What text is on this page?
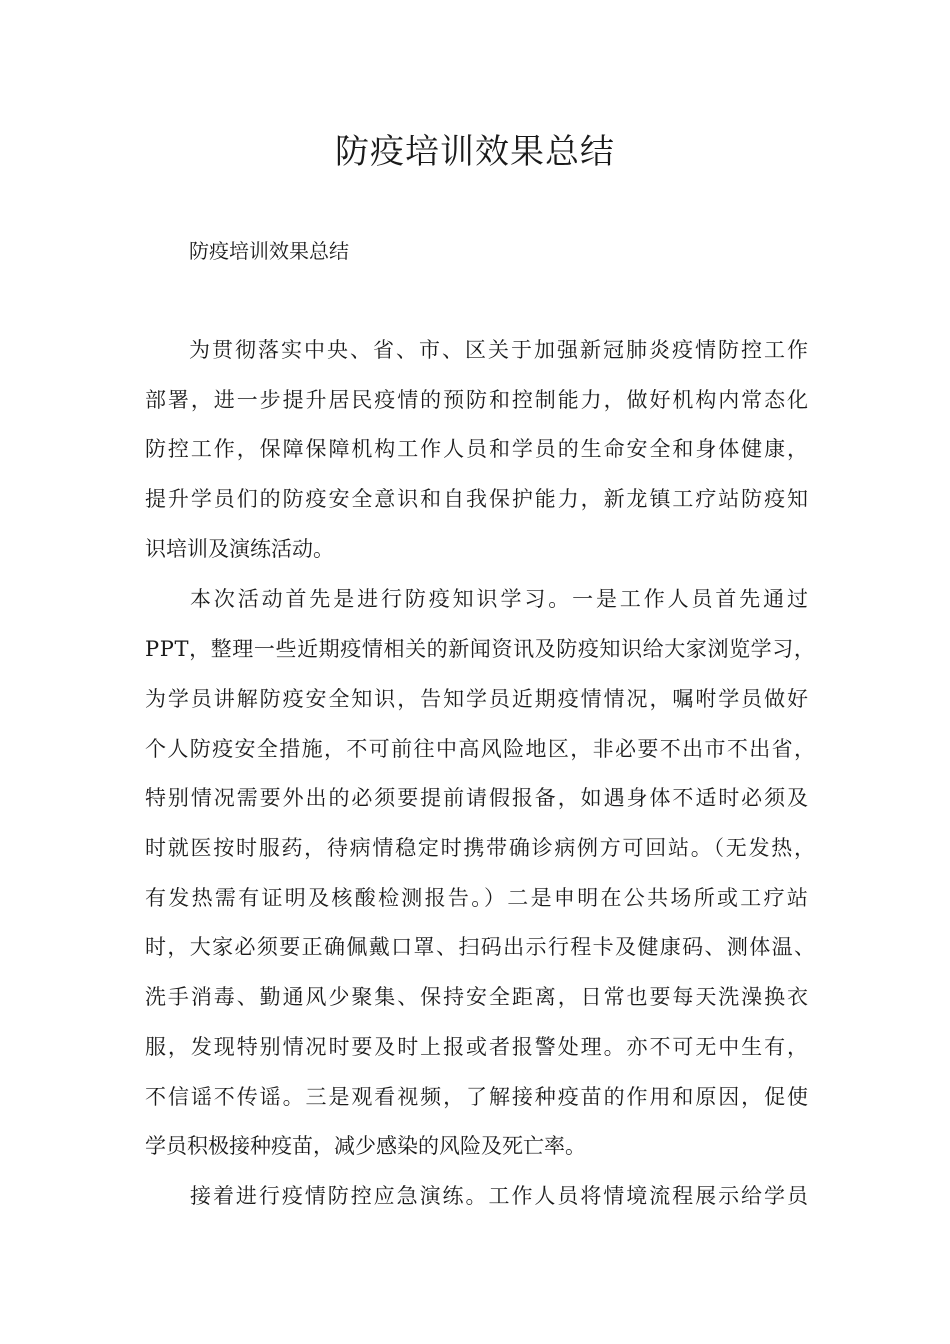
防疫培训效果总结
防疫培训效果总结
为贯彻落实中央、省、市、区关于加强新冠肺炎疫情防控工作
部署，进一步提升居民疫情的预防和控制能力，做好机构内常态化
防控工作，保障保障机构工作人员和学员的生命安全和身体健康，
提升学员们的防疫安全意识和自我保护能力，新龙镇工疗站防疫知
识培训及演练活动。
本次活动首先是进行防疫知识学习。一是工作人员首先通过
PPT，整理一些近期疫情相关的新闻资讯及防疫知识给大家浏览学习，
为学员讲解防疫安全知识，告知学员近期疫情情况，嘱咐学员做好
个人防疫安全措施，不可前往中高风险地区，非必要不出市不出省，
特别情况需要外出的必须要提前请假报备，如遇身体不适时必须及
时就医按时服药，待病情稳定时携带确诊病例方可回站。（无发热，
有发热需有证明及核酸检测报告。）二是申明在公共场所或工疗站
时，大家必须要正确佩戴口罩、扫码出示行程卡及健康码、测体温、
洗手消毒、勤通风少聚集、保持安全距离，日常也要每天洗澡换衣
服，发现特别情况时要及时上报或者报警处理。亦不可无中生有，
不信谣不传谣。三是观看视频，了解接种疫苗的作用和原因，促使
学员积极接种疫苗，减少感染的风险及死亡率。
接着进行疫情防控应急演练。工作人员将情境流程展示给学员
